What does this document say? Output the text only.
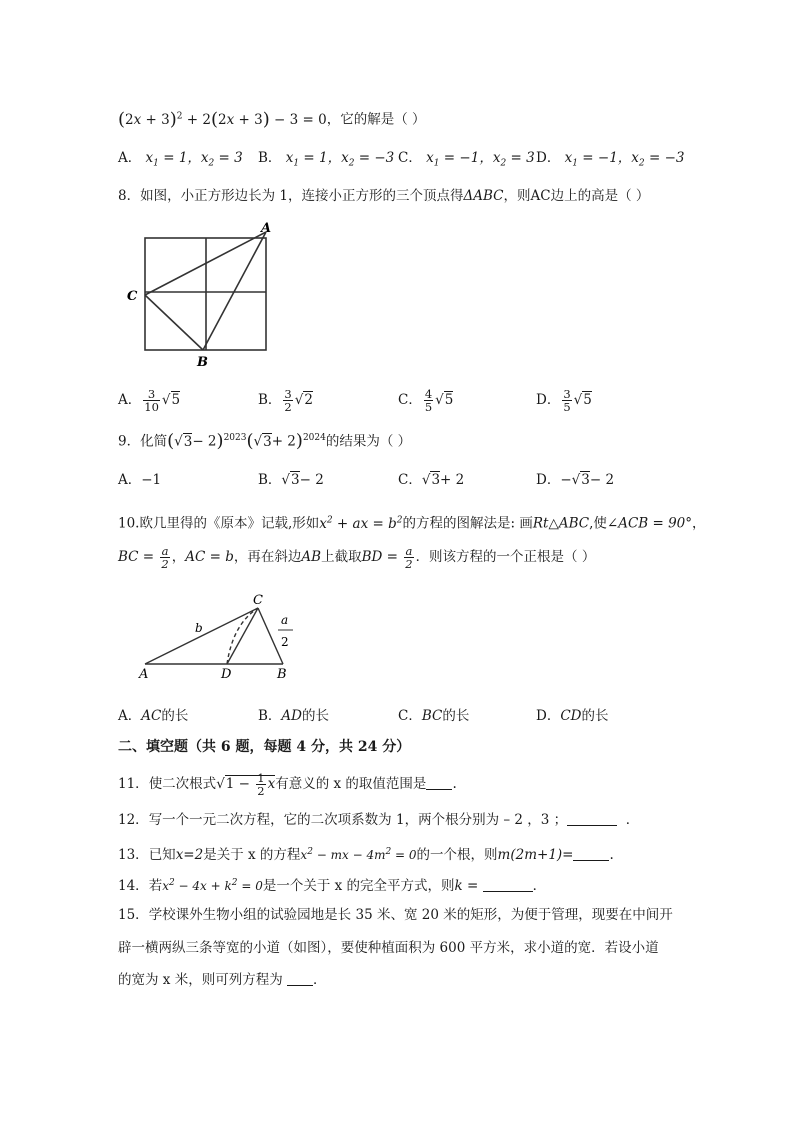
$(2x + 3)^2 + 2(2x + 3) - 3 = 0$，它的解是（ ）
A． $x_1 = 1$，$x_2 = 3$ B． $x_1 = 1$，$x_2 = -3$ C． $x_1 = -1$，$x_2 = 3$ D． $x_1 = -1$，$x_2 = -3$
8．如图，小正方形边长为 1，连接小正方形的三个顶点得ΔABC，则AC边上的高是（ ）
A
C
B
A． $\frac{3}{10} √5$	B． $\frac{3}{2} √2$	C． $\frac{4}{5} √5$	D． $\frac{3}{5} √5$
9．化简$(√3- 2)^{2023}(√3+ 2)^{2024}$的结果为（ ）
A．−1	B．√3− 2	C．√3+ 2	D．−√3− 2
10.欧几里得的《原本》记载,形如$x^2$ + ax = $b^2$的方程的图解法是: 画Rt△ABC,使∠ACB = 90°，
BC = $\frac{a}{2}$ ，AC = b，再在斜边AB上截取BD = $\frac{a}{2}$ ．则该方程的一个正根是（ ）
C
b
a
2
A	D	B
A．AC的长	B．AD的长	C．BC的长	D．CD的长
二、填空题（共 6 题，每题 4 分，共 24 分）
11．使二次根式$√1 - \frac{1}{2}$ x有意义的 x 的取值范围是 .
12．写一个一元二次方程，它的二次项系数为 1，两个根分别为 – 2 ，3 ；	．
13．已知x=2是关于 x 的方程$x^2$ − mx − $4m^2 = 0$的一个根，则m(2m+1)=	.
14．若$x^2 - 4x + k^2 = 0$是一个关于 x 的完全平方式，则k =	．
15．学校课外生物小组的试验园地是长 35 米、宽 20 米的矩形，为便于管理，现要在中间开
辟一横两纵三条等宽的小道（如图），要使种植面积为 600 平方米，求小道的宽．若设小道
的宽为 x 米，则可列方程为 ．
